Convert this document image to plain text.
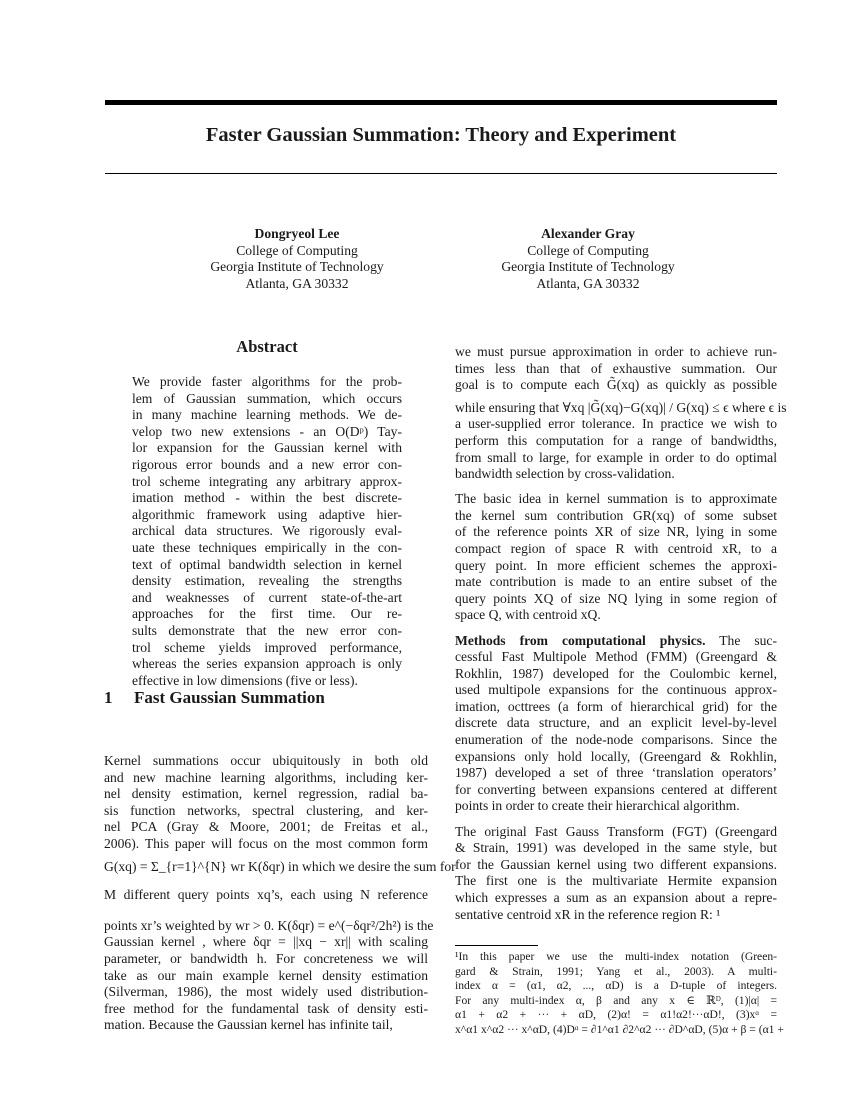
Faster Gaussian Summation: Theory and Experiment
Dongryeol Lee
College of Computing
Georgia Institute of Technology
Atlanta, GA 30332
Alexander Gray
College of Computing
Georgia Institute of Technology
Atlanta, GA 30332
Abstract
We provide faster algorithms for the prob-
lem of Gaussian summation, which occurs
in many machine learning methods. We de-
velop two new extensions - an O(Dᵖ) Tay-
lor expansion for the Gaussian kernel with
rigorous error bounds and a new error con-
trol scheme integrating any arbitrary approx-
imation method - within the best discrete-
algorithmic framework using adaptive hier-
archical data structures. We rigorously eval-
uate these techniques empirically in the con-
text of optimal bandwidth selection in kernel
density estimation, revealing the strengths
and weaknesses of current state-of-the-art
approaches for the first time. Our re-
sults demonstrate that the new error con-
trol scheme yields improved performance,
whereas the series expansion approach is only
effective in low dimensions (five or less).
1 Fast Gaussian Summation
Kernel summations occur ubiquitously in both old
and new machine learning algorithms, including ker-
nel density estimation, kernel regression, radial ba-
sis function networks, spectral clustering, and ker-
nel PCA (Gray & Moore, 2001; de Freitas et al.,
2006). This paper will focus on the most common form
G(xq) = Σ_{r=1}^{N} wr K(δqr) in which we desire the sum for
M different query points xq’s, each using N reference
points xr’s weighted by wr > 0. K(δqr) = e^(−δqr²/2h²) is the
Gaussian kernel , where δqr = ||xq − xr|| with scaling
parameter, or bandwidth h. For concreteness we will
take as our main example kernel density estimation
(Silverman, 1986), the most widely used distribution-
free method for the fundamental task of density esti-
mation. Because the Gaussian kernel has infinite tail,
we must pursue approximation in order to achieve run-
times less than that of exhaustive summation. Our
goal is to compute each G̃(xq) as quickly as possible
while ensuring that ∀xq |G̃(xq)−G(xq)| / G(xq) ≤ ϵ where ϵ is
a user-supplied error tolerance. In practice we wish to
perform this computation for a range of bandwidths,
from small to large, for example in order to do optimal
bandwidth selection by cross-validation.
The basic idea in kernel summation is to approximate
the kernel sum contribution GR(xq) of some subset
of the reference points XR of size NR, lying in some
compact region of space R with centroid xR, to a
query point. In more efficient schemes the approxi-
mate contribution is made to an entire subset of the
query points XQ of size NQ lying in some region of
space Q, with centroid xQ.
Methods from computational physics. The suc-
cessful Fast Multipole Method (FMM) (Greengard &
Rokhlin, 1987) developed for the Coulombic kernel,
used multipole expansions for the continuous approx-
imation, octtrees (a form of hierarchical grid) for the
discrete data structure, and an explicit level-by-level
enumeration of the node-node comparisons. Since the
expansions only hold locally, (Greengard & Rokhlin,
1987) developed a set of three ‘translation operators’
for converting between expansions centered at different
points in order to create their hierarchical algorithm.
The original Fast Gauss Transform (FGT) (Greengard
& Strain, 1991) was developed in the same style, but
for the Gaussian kernel using two different expansions.
The first one is the multivariate Hermite expansion
which expresses a sum as an expansion about a repre-
sentative centroid xR in the reference region R: ¹
¹In this paper we use the multi-index notation (Green-
gard & Strain, 1991; Yang et al., 2003). A multi-
index α = (α1, α2, ..., αD) is a D-tuple of integers.
For any multi-index α, β and any x ∈ ℝᴰ, (1)|α| =
α1 + α2 + ··· + αD, (2)α! = α1!α2!···αD!, (3)xᵅ =
x^α1 x^α2 ··· x^αD, (4)Dᵅ = ∂1^α1 ∂2^α2 ··· ∂D^αD, (5)α + β = (α1 +
